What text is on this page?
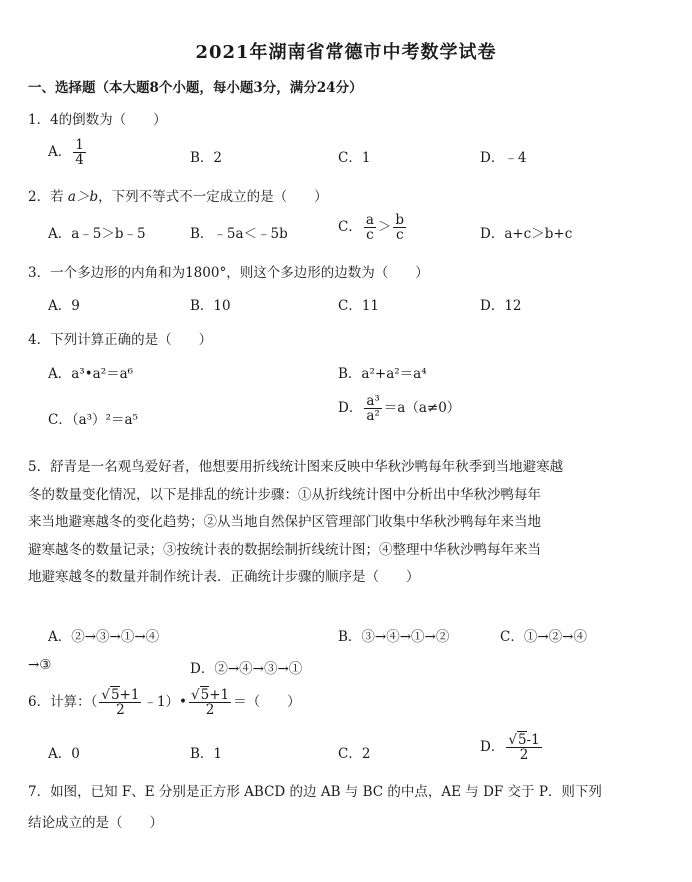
2021年湖南省常德市中考数学试卷
一、选择题（本大题8个小题，每小题3分，满分24分）
1．4的倒数为（　　）
A． $\frac{1}{4}$	B．2	C．1	D．﹣4
2．若 a＞b，下列不等式不一定成立的是（　　）
A．a﹣5＞b﹣5	B．﹣5a＜﹣5b	C． $\frac{a}{c} > \frac{b}{c}$	D．a+c＞b+c
3．一个多边形的内角和为1800°，则这个多边形的边数为（　　）
A．9	B．10	C．11	D．12
4．下列计算正确的是（　　）
A．a³•a²＝a⁶	B．a²+a²＝a⁴
C．（a³）²＝a⁵
D． $\frac{\text{a³}}{\text{a²}} =a(a\ne 0)$
5．舒青是一名观鸟爱好者，他想要用折线统计图来反映中华秋沙鸭每年秋季到当地避寒越
冬的数量变化情况，以下是排乱的统计步骤：①从折线统计图中分析出中华秋沙鸭每年
来当地避寒越冬的变化趋势；②从当地自然保护区管理部门收集中华秋沙鸭每年来当地
避寒越冬的数量记录；③按统计表的数据绘制折线统计图；④整理中华秋沙鸭每年来当
地避寒越冬的数量并制作统计表．正确统计步骤的顺序是（　　）
A．②→③→①→④	B．③→④→①→②	C．①→②→④
→③	D．②→④→③→①
6．计算：（ $\frac{√5+1}{2}$ ﹣1）• $\frac{√5+1}{2}$ ＝（　　）
A．0	B．1	C．2	D． $\frac{√5-1}{2}$
7．如图，已知 F、E 分别是正方形 ABCD 的边 AB 与 BC 的中点，AE 与 DF 交于 P．则下列
结论成立的是（　　）
